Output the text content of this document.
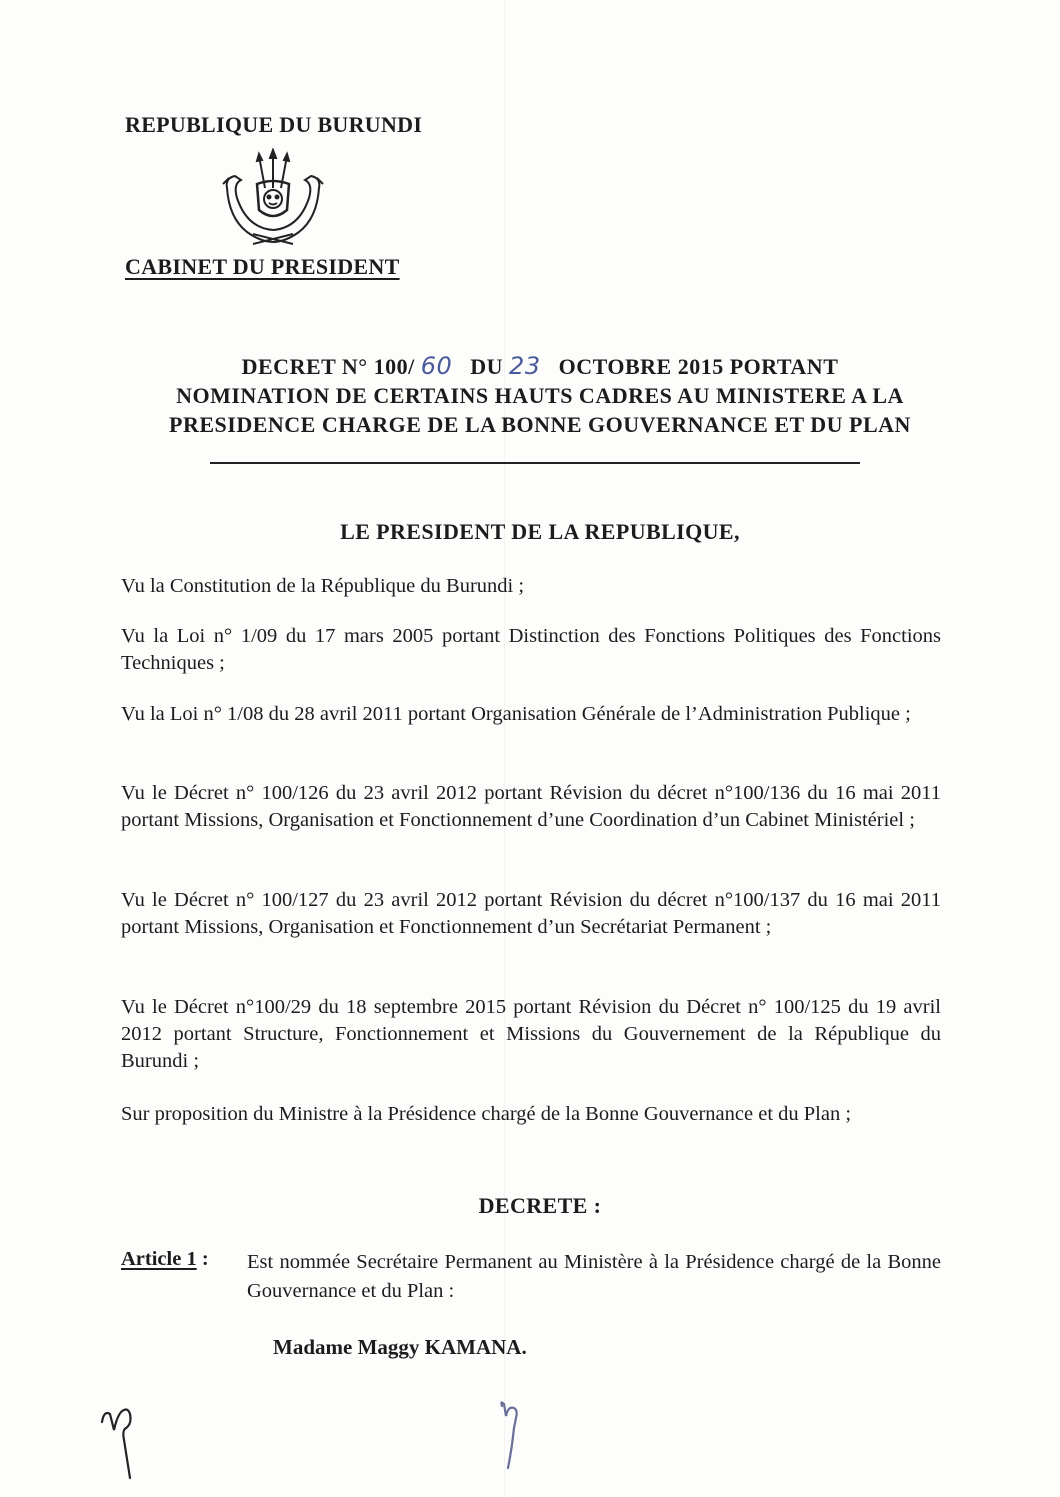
REPUBLIQUE DU BURUNDI
CABINET DU PRESIDENT
DECRET N° 100/ 60 DU 23 OCTOBRE 2015 PORTANT
NOMINATION DE CERTAINS HAUTS CADRES AU MINISTERE A LA
PRESIDENCE CHARGE DE LA BONNE GOUVERNANCE ET DU PLAN
LE PRESIDENT DE LA REPUBLIQUE,
Vu la Constitution de la République du Burundi ;
Vu la Loi n° 1/09 du 17 mars 2005 portant Distinction des Fonctions Politiques des Fonctions Techniques ;
Vu la Loi n° 1/08 du 28 avril 2011 portant Organisation Générale de l’Administration Publique ;
Vu le Décret n° 100/126 du 23 avril 2012 portant Révision du décret n°100/136 du 16 mai 2011 portant Missions, Organisation et Fonctionnement d’une Coordination d’un Cabinet Ministériel ;
Vu le Décret n° 100/127 du 23 avril 2012 portant Révision du décret n°100/137 du 16 mai 2011 portant Missions, Organisation et Fonctionnement d’un Secrétariat Permanent ;
Vu le Décret n°100/29 du 18 septembre 2015 portant Révision du Décret n° 100/125 du 19 avril 2012 portant Structure, Fonctionnement et Missions du Gouvernement de la République du Burundi ;
Sur proposition du Ministre à la Présidence chargé de la Bonne Gouvernance et du Plan ;
DECRETE :
Article 1 : Est nommée Secrétaire Permanent au Ministère à la Présidence chargé de la Bonne Gouvernance et du Plan :
Madame Maggy KAMANA.
